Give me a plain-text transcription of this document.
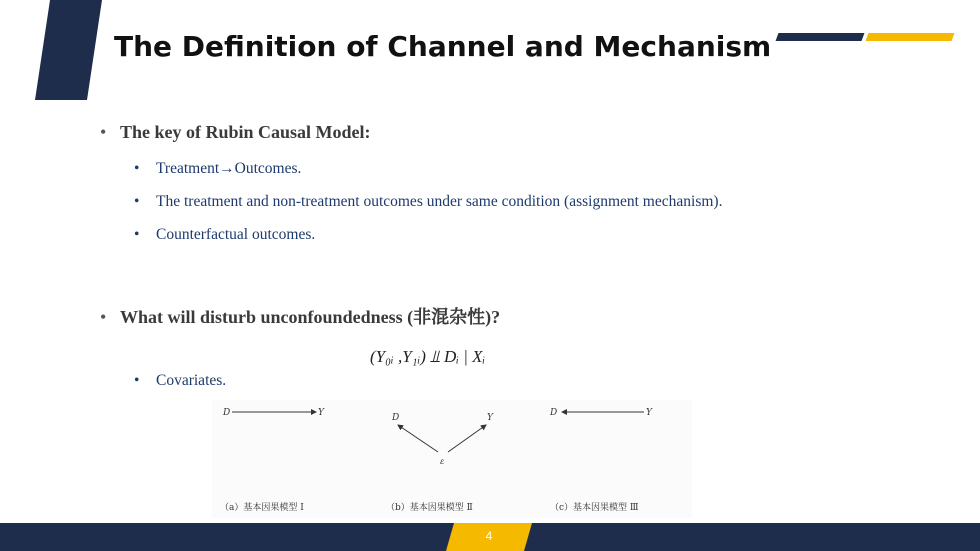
The Definition of Channel and Mechanism
• The key of Rubin Causal Model:
• Treatment→Outcomes.
• The treatment and non-treatment outcomes under same condition (assignment mechanism).
• Counterfactual outcomes.
• What will disturb unconfoundedness (非混杂性)?
(Y₀ᵢ ,Y₁ᵢ) ⫫ Dᵢ | Xᵢ
• Covariates.
D	Y	D	Y
ε
D	Y
（a）基本因果模型 Ⅰ	（b）基本因果模型 Ⅱ	（c）基本因果模型 Ⅲ
4
